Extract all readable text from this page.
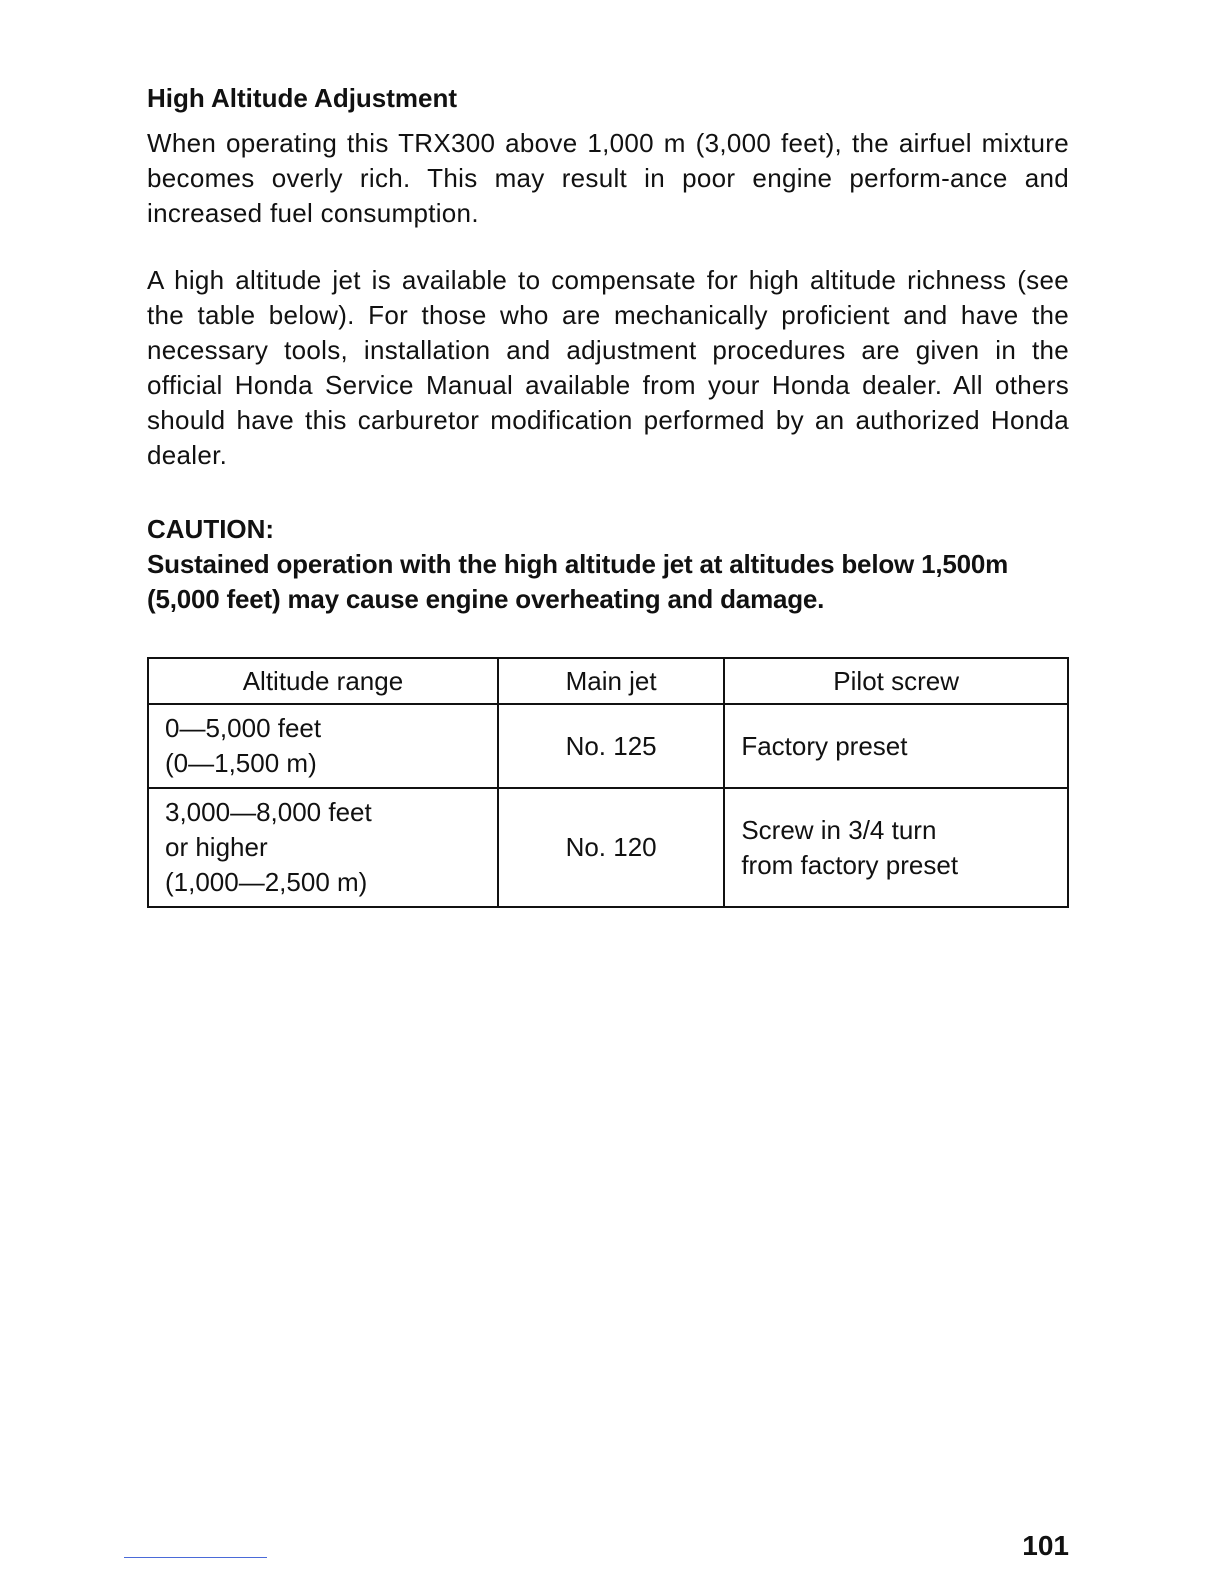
High Altitude Adjustment

When operating this TRX300 above 1,000 m (3,000 feet), the airfuel mixture becomes overly rich. This may result in poor engine perform-ance and increased fuel consumption.

A high altitude jet is available to compensate for high altitude richness (see the table below). For those who are mechanically proficient and have the necessary tools, installation and adjustment procedures are given in the official Honda Service Manual available from your Honda dealer. All others should have this carburetor modification performed by an authorized Honda dealer.

CAUTION:

Sustained operation with the high altitude jet at altitudes below 1,500m (5,000 feet) may cause engine overheating and damage.

Altitude range	Main jet	Pilot screw

0—5,000 feet
(0—1,500 m)	No. 125	Factory preset

3,000—8,000 feet
or higher
(1,000—2,500 m)	No. 120	Screw in 3/4 turn
from factory preset
101
